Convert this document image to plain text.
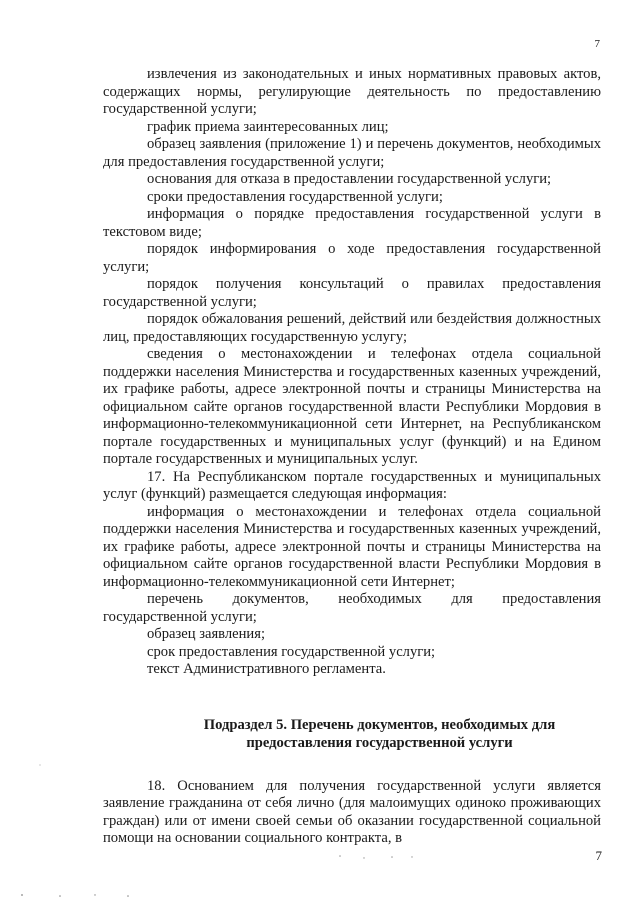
7

извлечения из законодательных и иных нормативных правовых актов, содержащих нормы, регулирующие деятельность по предоставлению государственной услуги;

график приема заинтересованных лиц;

образец заявления (приложение 1) и перечень документов, необходимых для предоставления государственной услуги;

основания для отказа в предоставлении государственной услуги;

сроки предоставления государственной услуги;

информация о порядке предоставления государственной услуги в текстовом виде;

порядок информирования о ходе предоставления государственной услуги;

порядок получения консультаций о правилах предоставления государственной услуги;

порядок обжалования решений, действий или бездействия должностных лиц, предоставляющих государственную услугу;

сведения о местонахождении и телефонах отдела социальной поддержки населения Министерства и государственных казенных учреждений, их графике работы, адресе электронной почты и страницы Министерства на официальном сайте органов государственной власти Республики Мордовия в информационно-телекоммуникационной сети Интернет, на Республиканском портале государственных и муниципальных услуг (функций) и на Едином портале государственных и муниципальных услуг.

17. На Республиканском портале государственных и муниципальных услуг (функций) размещается следующая информация:

информация о местонахождении и телефонах отдела социальной поддержки населения Министерства и государственных казенных учреждений, их графике работы, адресе электронной почты и страницы Министерства на официальном сайте органов государственной власти Республики Мордовия в информационно-телекоммуникационной сети Интернет;

перечень документов, необходимых для предоставления государственной услуги;

образец заявления;

срок предоставления государственной услуги;

текст Административного регламента.

Подраздел 5. Перечень документов, необходимых для
предоставления государственной услуги

18. Основанием для получения государственной услуги является заявление гражданина от себя лично (для малоимущих одиноко проживающих граждан) или от имени своей семьи об оказании государственной социальной помощи на основании социального контракта, в

7
